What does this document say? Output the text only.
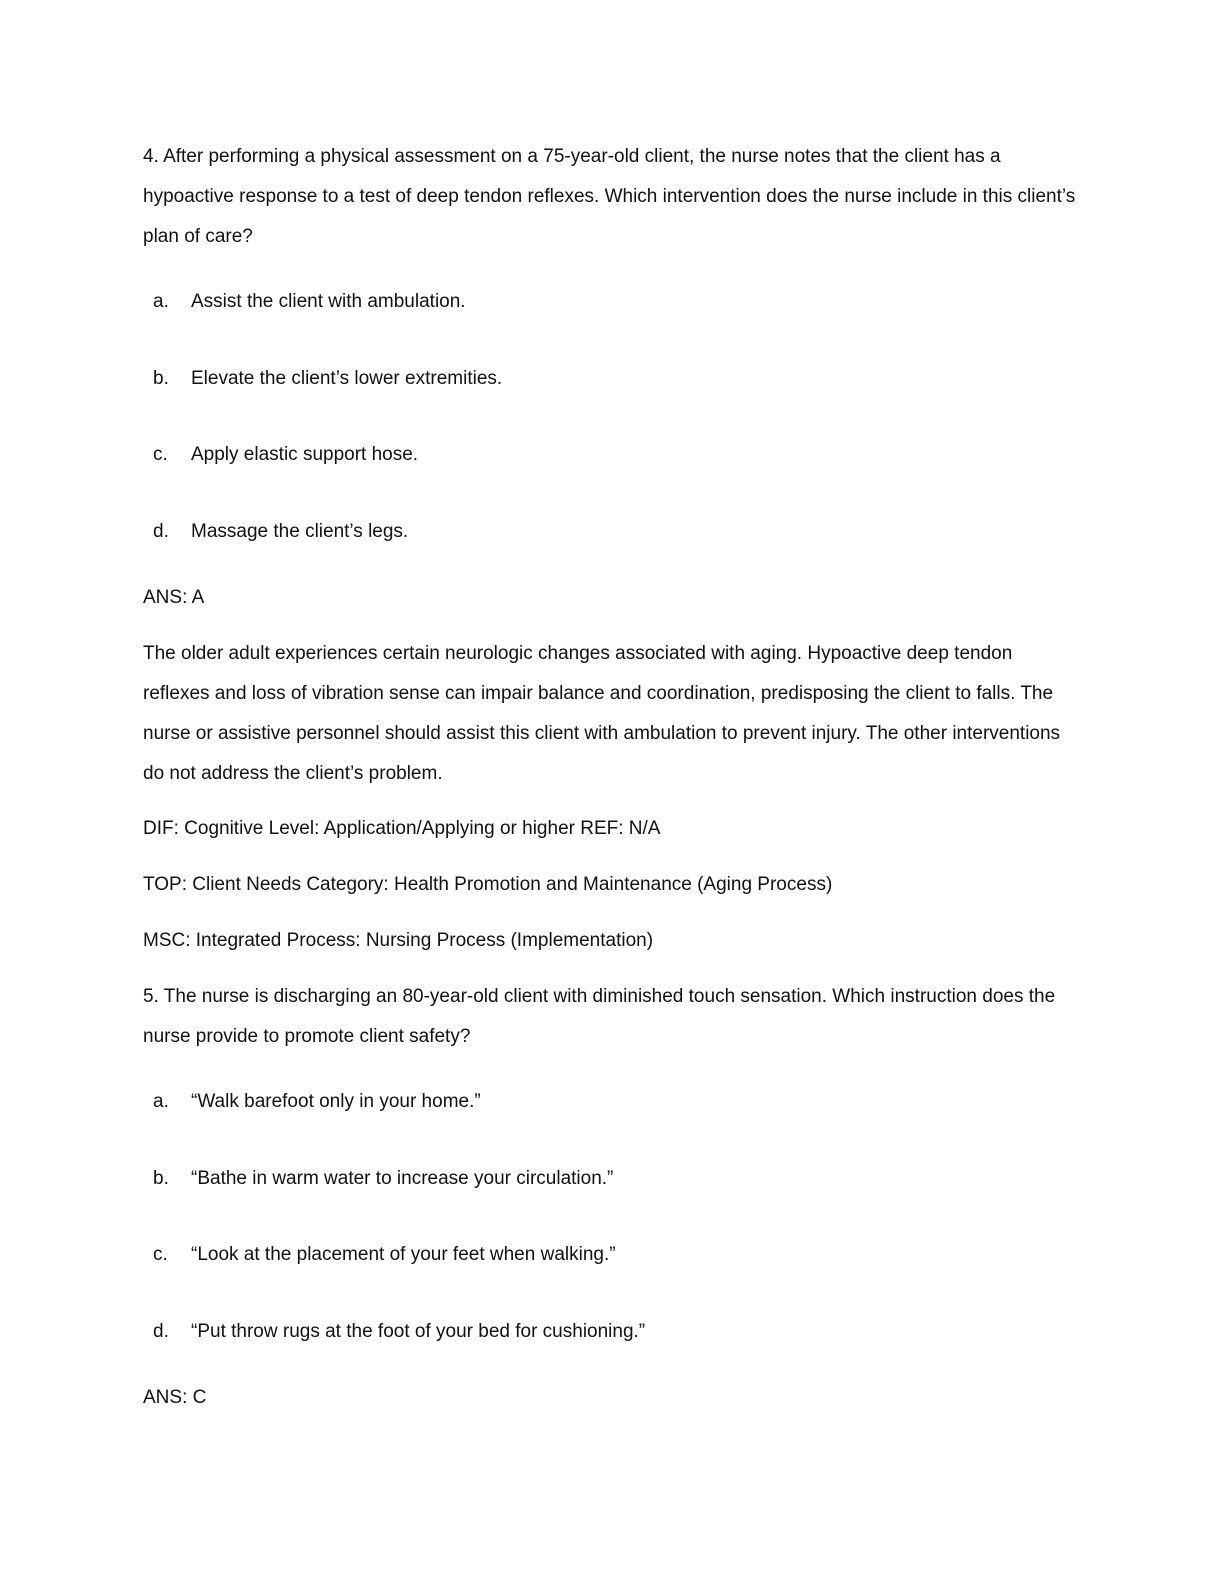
4. After performing a physical assessment on a 75-year-old client, the nurse notes that the client has a hypoactive response to a test of deep tendon reflexes. Which intervention does the nurse include in this client’s plan of care?

a. Assist the client with ambulation.

b. Elevate the client’s lower extremities.

c. Apply elastic support hose.

d. Massage the client’s legs.

ANS: A

The older adult experiences certain neurologic changes associated with aging. Hypoactive deep tendon reflexes and loss of vibration sense can impair balance and coordination, predisposing the client to falls. The nurse or assistive personnel should assist this client with ambulation to prevent injury. The other interventions do not address the client’s problem.

DIF: Cognitive Level: Application/Applying or higher REF: N/A

TOP: Client Needs Category: Health Promotion and Maintenance (Aging Process)

MSC: Integrated Process: Nursing Process (Implementation)

5. The nurse is discharging an 80-year-old client with diminished touch sensation. Which instruction does the nurse provide to promote client safety?

a. “Walk barefoot only in your home.”

b. “Bathe in warm water to increase your circulation.”

c. “Look at the placement of your feet when walking.”

d. “Put throw rugs at the foot of your bed for cushioning.”

ANS: C
